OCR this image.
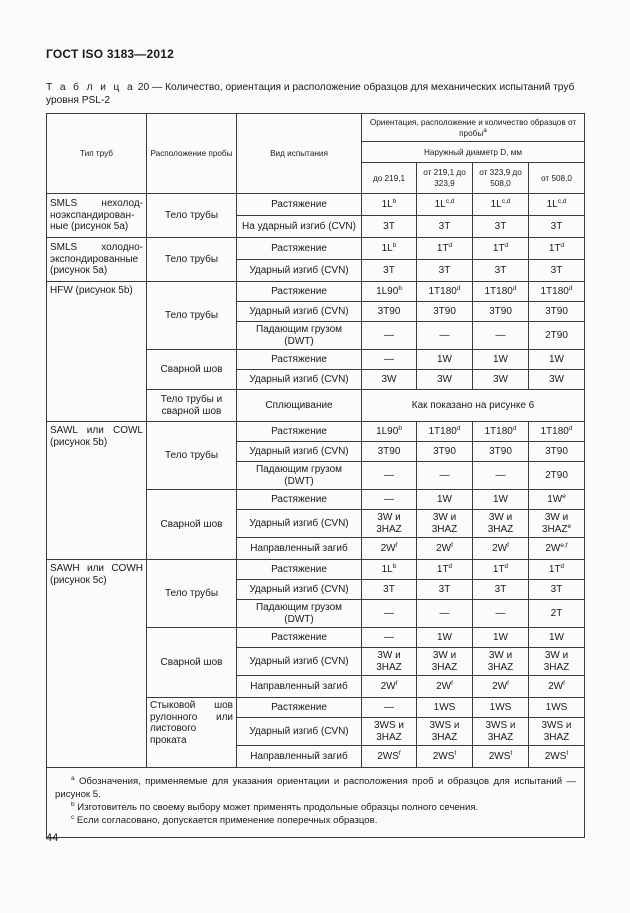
ГОСТ ISO 3183—2012
Т а б л и ц а 20 — Количество, ориентация и расположение образцов для механических испытаний труб уровня PSL-2
Тип труб	Расположение пробы	Вид испытания	Ориентация, расположение и количество образцов от пробы$^a$
			Наружный диаметр D, мм			
			до 219,1	от 219,1 до 323,9	от 323,9 до 508,0	от 508,0
SMLS нехолодноэкспандированные (рисунок 5а)	Тело трубы	Растяжение	$1L^b$	$1L^{c,d}$	$1L^{c,d}$	$1L^{c,d}$
		На ударный изгиб (CVN)	3T	3T	3T	3T
SMLS холодноэкспондированные (рисунок 5а)	Тело трубы	Растяжение	$1L^b$	$1T^d$	$1T^d$	$1T^d$
		Ударный изгиб (CVN)	3T	3T	3T	3T
HFW (рисунок 5b)	Тело трубы	Растяжение	1L90$^b$	1T180$^d$	1T180$^d$	1T180$^d$
		Ударный изгиб (CVN)	3T90	3T90	3T90	3T90
		Падающим грузом (DWT)	—	—	—	2T90
	Сварной шов	Растяжение	—	1W	1W	1W
		Ударный изгиб (CVN)	3W	3W	3W	3W
	Тело трубы и сварной шов	Сплющивание	Как показано на рисунке 6			
SAWL или COWL (рисунок 5b)	Тело трубы	Растяжение	1L90$^b$	1T180$^d$	1T180$^d$	1T180$^d$
		Ударный изгиб (CVN)	3T90	3T90	3T90	3T90
		Падающим грузом (DWT)	—	—	—	2T90
	Сварной шов	Растяжение	—	1W	1W	$1W^e$
		Ударный изгиб (CVN)	3W и 3HAZ	3W и 3HAZ	3W и 3HAZ	3W и 3HAZ$^e$
		Направленный загиб	$2W^f$	$2W^f$	$2W^f$	$2W^{e,f}$
SAWH или COWH (рисунок 5c)	Тело трубы	Растяжение	$1L^b$	$1T^d$	$1T^d$	$1T^d$
		Ударный изгиб (CVN)	3T	3T	3T	3T
		Падающим грузом (DWT)	—	—	—	2T
	Сварной шов	Растяжение	—	1W	1W	1W
		Ударный изгиб (CVN)	3W и 3HAZ	3W и 3HAZ	3W и 3HAZ	3W и 3HAZ
		Направленный загиб	$2W^f$	$2W^f$	$2W^f$	$2W^f$
	Стыковой шов рулонного или листового проката	Растяжение	—	1WS	1WS	1WS
		Ударный изгиб (CVN)	3WS и 3HAZ	3WS и 3HAZ	3WS и 3HAZ	3WS и 3HAZ
		Направленный загиб	$2WS^f$	$2WS^f$	$2WS^f$	$2WS^f$

$^a$ Обозначения, применяемые для указания ориентации и расположения проб и образцов для испытаний — рисунок 5.

$^b$ Изготовитель по своему выбору может применять продольные образцы полного сечения.

$^c$ Если согласовано, допускается применение поперечных образцов.						

44
